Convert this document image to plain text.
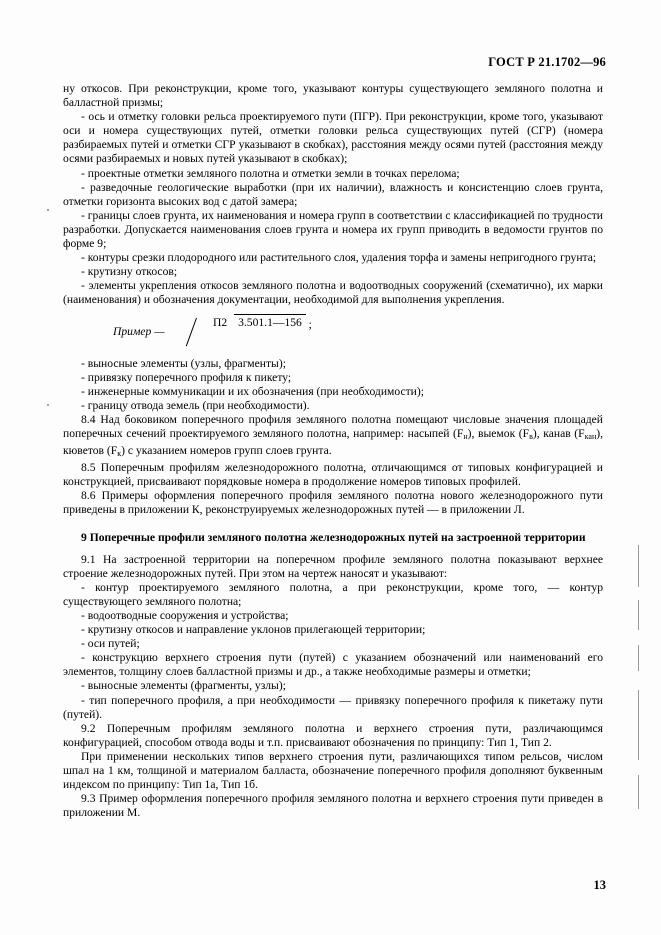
ГОСТ Р 21.1702—96

ну откосов. При реконструкции, кроме того, указывают контуры существующего земляного полотна и балластной призмы;

- ось и отметку головки рельса проектируемого пути (ПГР). При реконструкции, кроме того, указывают оси и номера существующих путей, отметки головки рельса существующих путей (СГР) (номера разбираемых путей и отметки СГР указывают в скобках), расстояния между осями путей (расстояния между осями разбираемых и новых путей указывают в скобках);

- проектные отметки земляного полотна и отметки земли в точках перелома;

- разведочные геологические выработки (при их наличии), влажность и консистенцию слоев грунта, отметки горизонта высоких вод с датой замера;

- границы слоев грунта, их наименования и номера групп в соответствии с классификацией по трудности разработки. Допускается наименования слоев грунта и номера их групп приводить в ведомости грунтов по форме 9;

- контуры срезки плодородного или растительного слоя, удаления торфа и замены непригодного грунта;

- крутизну откосов;

- элементы укрепления откосов земляного полотна и водоотводных сооружений (схематично), их марки (наименования) и обозначения документации, необходимой для выполнения укрепления.

Пример —
П2 3.501.1—156 ;

- выносные элементы (узлы, фрагменты);

- привязку поперечного профиля к пикету;

- инженерные коммуникации и их обозначения (при необходимости);

- границу отвода земель (при необходимости).

8.4 Над боковиком поперечного профиля земляного полотна помещают числовые значения площадей поперечных сечений проектируемого земляного полотна, например: насыпей $(F_н)$, выемок $(F_в)$, канав $(F_{кан})$, кюветов $(F_к)$ с указанием номеров групп слоев грунта.

8.5 Поперечным профилям железнодорожного полотна, отличающимся от типовых конфигурацией и конструкцией, присваивают порядковые номера в продолжение номеров типовых профилей.

8.6 Примеры оформления поперечного профиля земляного полотна нового железнодорожного пути приведены в приложении К, реконструируемых железнодорожных путей — в приложении Л.

9 Поперечные профили земляного полотна железнодорожных путей на застроенной территории

9.1 На застроенной территории на поперечном профиле земляного полотна показывают верхнее строение железнодорожных путей. При этом на чертеж наносят и указывают:

- контур проектируемого земляного полотна, а при реконструкции, кроме того, — контур существующего земляного полотна;

- водоотводные сооружения и устройства;

- крутизну откосов и направление уклонов прилегающей территории;

- оси путей;

- конструкцию верхнего строения пути (путей) с указанием обозначений или наименований его элементов, толщину слоев балластной призмы и др., а также необходимые размеры и отметки;

- выносные элементы (фрагменты, узлы);

- тип поперечного профиля, а при необходимости — привязку поперечного профиля к пикетажу пути (путей).

9.2 Поперечным профилям земляного полотна и верхнего строения пути, различающимся конфигурацией, способом отвода воды и т.п. присваивают обозначения по принципу: Тип 1, Тип 2.

При применении нескольких типов верхнего строения пути, различающихся типом рельсов, числом шпал на 1 км, толщиной и материалом балласта, обозначение поперечного профиля дополняют буквенным индексом по принципу: Тип 1а, Тип 1б.

9.3 Пример оформления поперечного профиля земляного полотна и верхнего строения пути приведен в приложении М.

13
